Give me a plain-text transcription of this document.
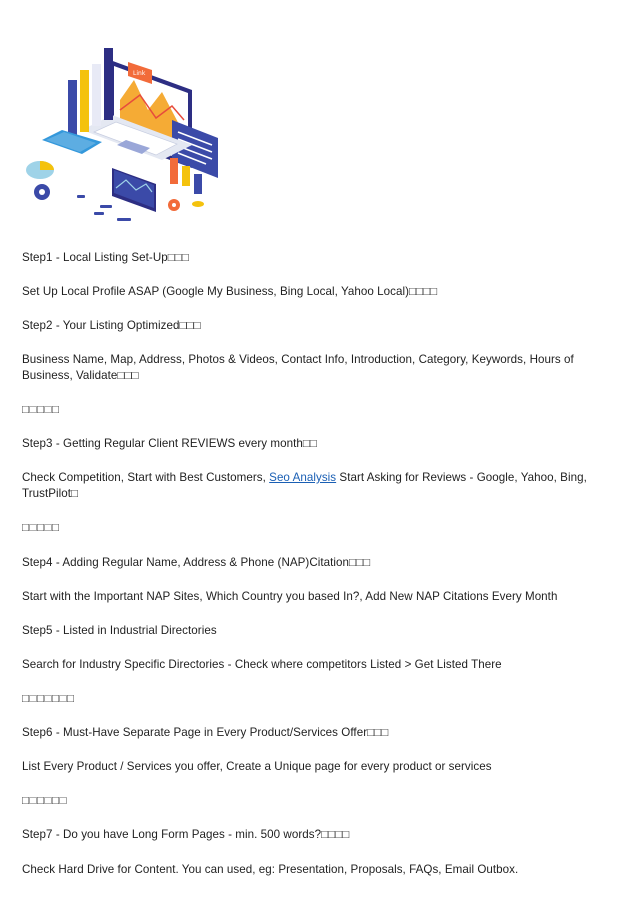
Link

Step1 - Local Listing Set-Up□□□

Set Up Local Profile ASAP (Google My Business, Bing Local, Yahoo Local)□□□□

Step2 - Your Listing Optimized□□□

Business Name, Map, Address, Photos & Videos, Contact Info, Introduction, Category, Keywords, Hours of Business, Validate□□□

□□□□□

Step3 - Getting Regular Client REVIEWS every month□□

Check Competition, Start with Best Customers, Seo Analysis Start Asking for Reviews - Google, Yahoo, Bing, TrustPilot□

□□□□□

Step4 - Adding Regular Name, Address & Phone (NAP)Citation□□□

Start with the Important NAP Sites, Which Country you based In?, Add New NAP Citations Every Month

Step5 - Listed in Industrial Directories

Search for Industry Specific Directories - Check where competitors Listed > Get Listed There

□□□□□□□

Step6 - Must-Have Separate Page in Every Product/Services Offer□□□

List Every Product / Services you offer, Create a Unique page for every product or services

□□□□□□

Step7 - Do you have Long Form Pages - min. 500 words?□□□□

Check Hard Drive for Content. You can used, eg: Presentation, Proposals, FAQs, Email Outbox.
